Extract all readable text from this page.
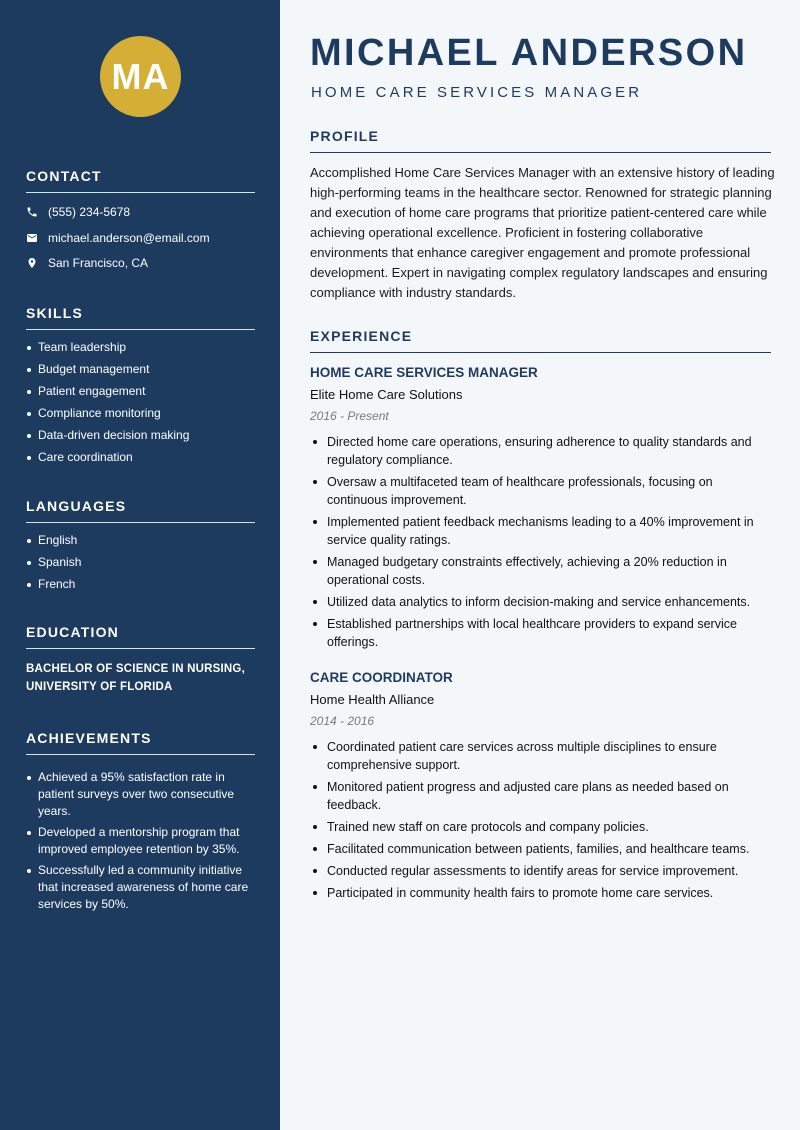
MA
CONTACT
(555) 234-5678
michael.anderson@email.com
San Francisco, CA
SKILLS
Team leadership
Budget management
Patient engagement
Compliance monitoring
Data-driven decision making
Care coordination
LANGUAGES
English
Spanish
French
EDUCATION
BACHELOR OF SCIENCE IN NURSING, UNIVERSITY OF FLORIDA
ACHIEVEMENTS
Achieved a 95% satisfaction rate in patient surveys over two consecutive years.
Developed a mentorship program that improved employee retention by 35%.
Successfully led a community initiative that increased awareness of home care services by 50%.
MICHAEL ANDERSON
HOME CARE SERVICES MANAGER
PROFILE
Accomplished Home Care Services Manager with an extensive history of leading high-performing teams in the healthcare sector. Renowned for strategic planning and execution of home care programs that prioritize patient-centered care while achieving operational excellence. Proficient in fostering collaborative environments that enhance caregiver engagement and promote professional development. Expert in navigating complex regulatory landscapes and ensuring compliance with industry standards.
EXPERIENCE
HOME CARE SERVICES MANAGER
Elite Home Care Solutions
2016 - Present
Directed home care operations, ensuring adherence to quality standards and regulatory compliance.
Oversaw a multifaceted team of healthcare professionals, focusing on continuous improvement.
Implemented patient feedback mechanisms leading to a 40% improvement in service quality ratings.
Managed budgetary constraints effectively, achieving a 20% reduction in operational costs.
Utilized data analytics to inform decision-making and service enhancements.
Established partnerships with local healthcare providers to expand service offerings.
CARE COORDINATOR
Home Health Alliance
2014 - 2016
Coordinated patient care services across multiple disciplines to ensure comprehensive support.
Monitored patient progress and adjusted care plans as needed based on feedback.
Trained new staff on care protocols and company policies.
Facilitated communication between patients, families, and healthcare teams.
Conducted regular assessments to identify areas for service improvement.
Participated in community health fairs to promote home care services.
